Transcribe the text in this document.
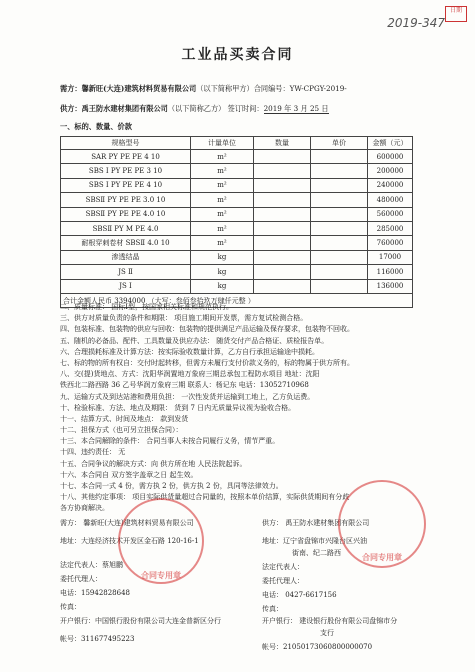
日期
2019-347
工业品买卖合同
需方：馨新旺(大连)建筑材料贸易有限公司（以下简称甲方）合同编号：YW-CPGY-2019-
供方：禹王防水建材集团有限公司（以下简称乙方） 签订时间：2019 年 3 月 25 日
一、标的、数量、价款
规格型号	计量单位	数量	单价	金额（元）
SAR PY PE PE 4 10	m²			600000
SBS Ⅰ PY PE PE 3 10	m²			200000
SBS Ⅰ PY PE PE 4 10	m²			240000
SBSⅡ PY PE PE 3.0 10	m²			480000
SBSⅡ PY PE PE 4.0 10	m²			560000
SBSⅡ PY M PE 4.0	m²			285000
耐根穿刺卷材 SBSⅡ 4.0 10	m²			760000
渗透结晶	kg			17000
JS Ⅱ	kg			116000
JS Ⅰ	kg			136000
合计金额人民币 3394000 （大写：叁佰叁拾玖万肆仟元整 ）				
二、质量标准： 国标Ⅰ型，按国家相关标准和规范执行。
三、供方对质量负责的条件和期限： 项目施工期间开发票，需方复试检测合格。
四、包装标准、包装物的供应与回收：包装物的提供满足产品运输及保存要求，包装物不回收。
五、随机的必备品、配件、工具数量及供应办法： 随货交付产品合格证、质检报告单。
六、合理损耗标准及计算方法：按实际验收数量计算，乙方自行承担运输途中损耗。
七、标的物的所有权自：交付时起转移，但需方未履行支付价款义务的，标的物属于供方所有。
八、交(提)货地点、方式：沈阳华润置地万象府三期总承包工程防水项目 地址：沈阳
铁西北二路西路 36 乙号华润万象府三期 联系人：杨记东 电话：13052710968
九、运输方式及到达站港和费用负担： 一次性发货并运输到工地上，乙方负运费。
十、检验标准、方法、地点及期限： 货到 7 日内无质量异议视为验收合格。
十一、结算方式、时间及地点： 款到发货
十二、担保方式（也可另立担保合同）：
十三、本合同解除的条件： 合同当事人未按合同履行义务，情节严重。
十四、违约责任： 无
十五、合同争议的解决方式：向 供方所在地 人民法院起诉。
十六、本合同自 双方签字盖章之日 起生效。
十七、本合同一式 4 份，需方执 2 份，供方执 2 份，具同等法律效力。
十八、其他约定事项： 项目实际供货量超过合同量的，按照本单价结算，实际供货期间有分歧
各方协商解决。
需方： 馨新旺(大连)建筑材料贸易有限公司
地址：大连经济技术开发区金石路 120-16-1
法定代表人：蔡旭鹏
委托代理人：
电话：15942828648
传真：
开户银行：中国银行股份有限公司大连金普新区分行
帐号：311677495223
供方： 禹王防水建材集团有限公司
地址：辽宁省盘锦市兴隆台区兴油
街南、纪二路西
法定代表人：
委托代理人：
电话： 0427-6617156
传真：
开户银行： 建设银行股份有限公司盘锦市分
支行
帐号：21050173060800000070
合同专用章
合同专用章
